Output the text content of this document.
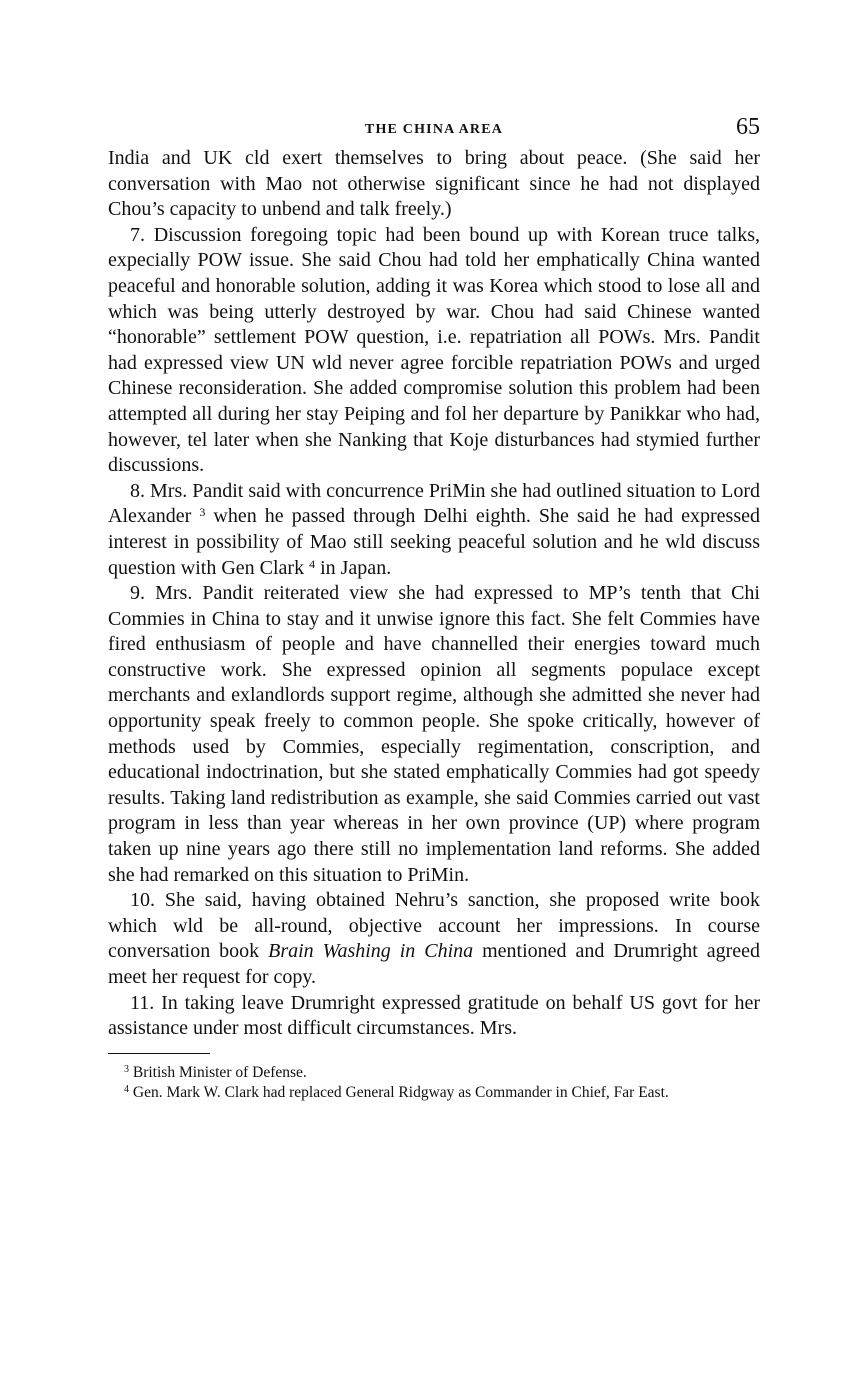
THE CHINA AREA	65

India and UK cld exert themselves to bring about peace. (She said her conversation with Mao not otherwise significant since he had not displayed Chou’s capacity to unbend and talk freely.)

7. Discussion foregoing topic had been bound up with Korean truce talks, expecially POW issue. She said Chou had told her emphatically China wanted peaceful and honorable solution, adding it was Korea which stood to lose all and which was being utterly destroyed by war. Chou had said Chinese wanted “honorable” settlement POW question, i.e. repatriation all POWs. Mrs. Pandit had expressed view UN wld never agree forcible repatriation POWs and urged Chinese reconsideration. She added compromise solution this problem had been attempted all during her stay Peiping and fol her departure by Panikkar who had, however, tel later when she Nanking that Koje disturbances had stymied further discussions.

8. Mrs. Pandit said with concurrence PriMin she had outlined situation to Lord Alexander $^3$ when he passed through Delhi eighth. She said he had expressed interest in possibility of Mao still seeking peaceful solution and he wld discuss question with Gen Clark $^4$ in Japan.

9. Mrs. Pandit reiterated view she had expressed to MP’s tenth that Chi Commies in China to stay and it unwise ignore this fact. She felt Commies have fired enthusiasm of people and have channelled their energies toward much constructive work. She expressed opinion all segments populace except merchants and exlandlords support regime, although she admitted she never had opportunity speak freely to common people. She spoke critically, however of methods used by Commies, especially regimentation, conscription, and educational indoctrination, but she stated emphatically Commies had got speedy results. Taking land redistribution as example, she said Commies carried out vast program in less than year whereas in her own province (UP) where program taken up nine years ago there still no implementation land reforms. She added she had remarked on this situation to PriMin.

10. She said, having obtained Nehru’s sanction, she proposed write book which wld be all-round, objective account her impressions. In course conversation book Brain Washing in China mentioned and Drumright agreed meet her request for copy.

11. In taking leave Drumright expressed gratitude on behalf US govt for her assistance under most difficult circumstances. Mrs.

$^3$ British Minister of Defense.

$^4$ Gen. Mark W. Clark had replaced General Ridgway as Commander in Chief, Far East.
